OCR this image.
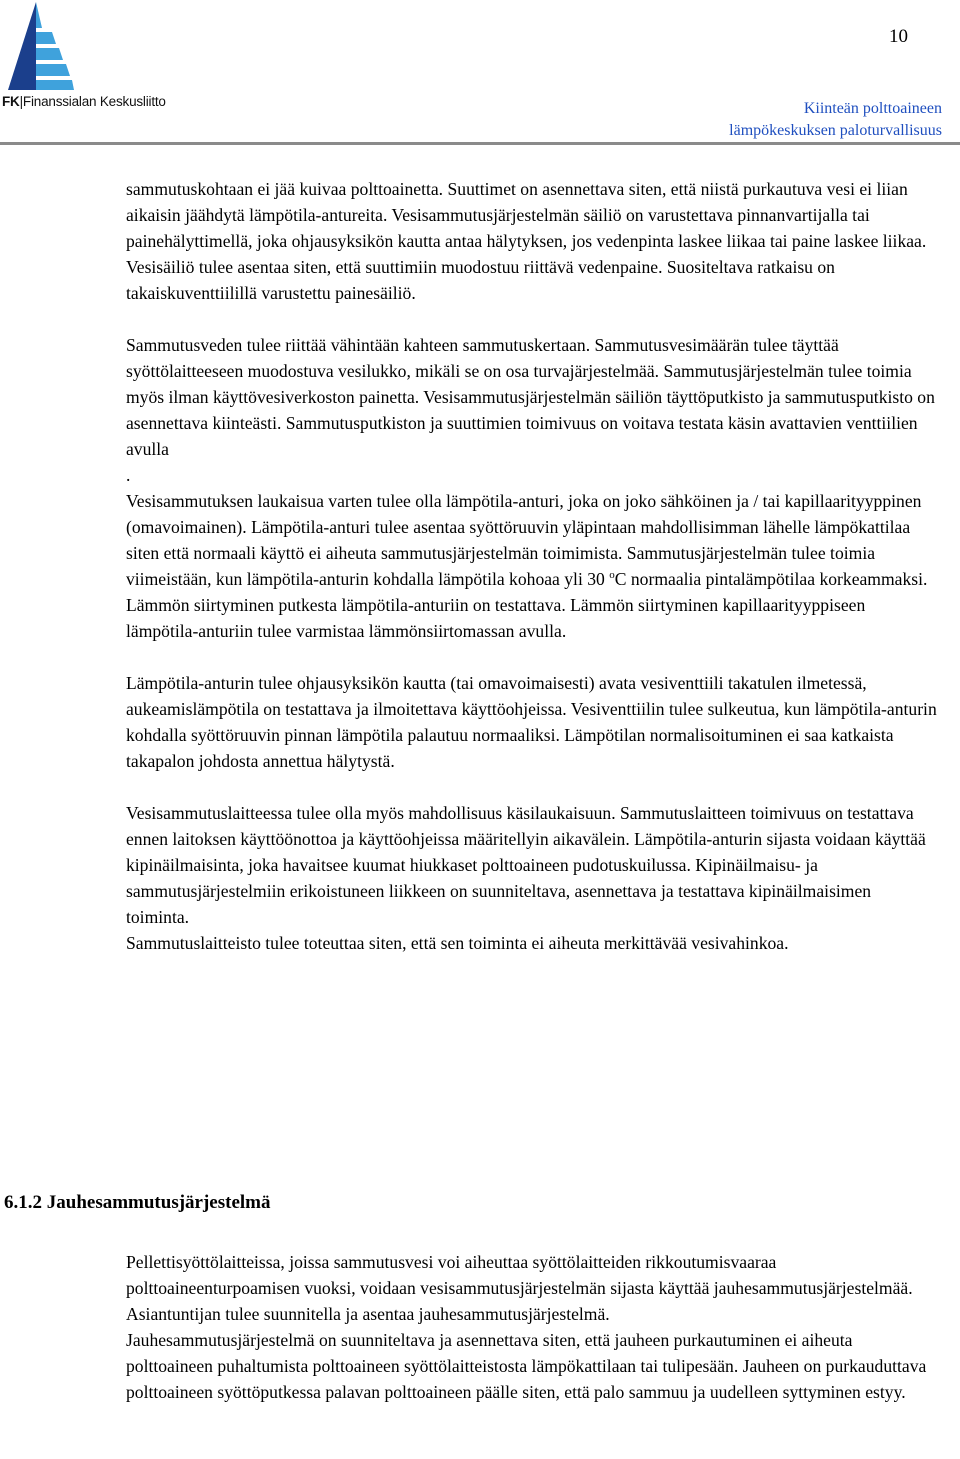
FK|Finanssialan Keskusliitto
10
Kiinteän polttoaineen
lämpökeskuksen paloturvallisuus

sammutuskohtaan ei jää kuivaa polttoainetta. Suuttimet on asennettava siten, että niistä purkautuva vesi ei liian aikaisin jäähdytä lämpötila-antureita. Vesisammutusjärjestelmän säiliö on varustettava pinnanvartijalla tai painehälyttimellä, joka ohjausyksikön kautta antaa hälytyksen, jos vedenpinta laskee liikaa tai paine laskee liikaa. Vesisäiliö tulee asentaa siten, että suuttimiin muodostuu riittävä vedenpaine. Suositeltava ratkaisu on takaiskuventtiilillä varustettu painesäiliö.

Sammutusveden tulee riittää vähintään kahteen sammutuskertaan. Sammutusvesimäärän tulee täyttää syöttölaitteeseen muodostuva vesilukko, mikäli se on osa turvajärjestelmää. Sammutusjärjestelmän tulee toimia myös ilman käyttövesiverkoston painetta. Vesisammutusjärjestelmän säiliön täyttöputkisto ja sammutusputkisto on asennettava kiinteästi. Sammutusputkiston ja suuttimien toimivuus on voitava testata käsin avattavien venttiilien avulla

.

Vesisammutuksen laukaisua varten tulee olla lämpötila-anturi, joka on joko sähköinen ja / tai kapillaarityyppinen (omavoimainen). Lämpötila-anturi tulee asentaa syöttöruuvin yläpintaan mahdollisimman lähelle lämpökattilaa siten että normaali käyttö ei aiheuta sammutusjärjestelmän toimimista. Sammutusjärjestelmän tulee toimia viimeistään, kun lämpötila-anturin kohdalla lämpötila kohoaa yli 30 $^o$C normaalia pintalämpötilaa korkeammaksi. Lämmön siirtyminen putkesta lämpötila-anturiin on testattava. Lämmön siirtyminen kapillaarityyppiseen lämpötila-anturiin tulee varmistaa lämmönsiirtomassan avulla.

Lämpötila-anturin tulee ohjausyksikön kautta (tai omavoimaisesti) avata vesiventtiili takatulen ilmetessä, aukeamislämpötila on testattava ja ilmoitettava käyttöohjeissa. Vesiventtiilin tulee sulkeutua, kun lämpötila-anturin kohdalla syöttöruuvin pinnan lämpötila palautuu normaaliksi. Lämpötilan normalisoituminen ei saa katkaista takapalon johdosta annettua hälytystä.

Vesisammutuslaitteessa tulee olla myös mahdollisuus käsilaukaisuun. Sammutuslaitteen toimivuus on testattava ennen laitoksen käyttöönottoa ja käyttöohjeissa määritellyin aikavälein. Lämpötila-anturin sijasta voidaan käyttää kipinäilmaisinta, joka havaitsee kuumat hiukkaset polttoaineen pudotuskuilussa. Kipinäilmaisu- ja sammutusjärjestelmiin erikoistuneen liikkeen on suunniteltava, asennettava ja testattava kipinäilmaisimen toiminta.

Sammutuslaitteisto tulee toteuttaa siten, että sen toiminta ei aiheuta merkittävää vesivahinkoa.

6.1.2 Jauhesammutusjärjestelmä

Pellettisyöttölaitteissa, joissa sammutusvesi voi aiheuttaa syöttölaitteiden rikkoutumisvaaraa polttoaineenturpoamisen vuoksi, voidaan vesisammutusjärjestelmän sijasta käyttää jauhesammutusjärjestelmää. Asiantuntijan tulee suunnitella ja asentaa jauhesammutusjärjestelmä.

Jauhesammutusjärjestelmä on suunniteltava ja asennettava siten, että jauheen purkautuminen ei aiheuta polttoaineen puhaltumista polttoaineen syöttölaitteistosta lämpökattilaan tai tulipesään. Jauheen on purkauduttava polttoaineen syöttöputkessa palavan polttoaineen päälle siten, että palo sammuu ja uudelleen syttyminen estyy.
